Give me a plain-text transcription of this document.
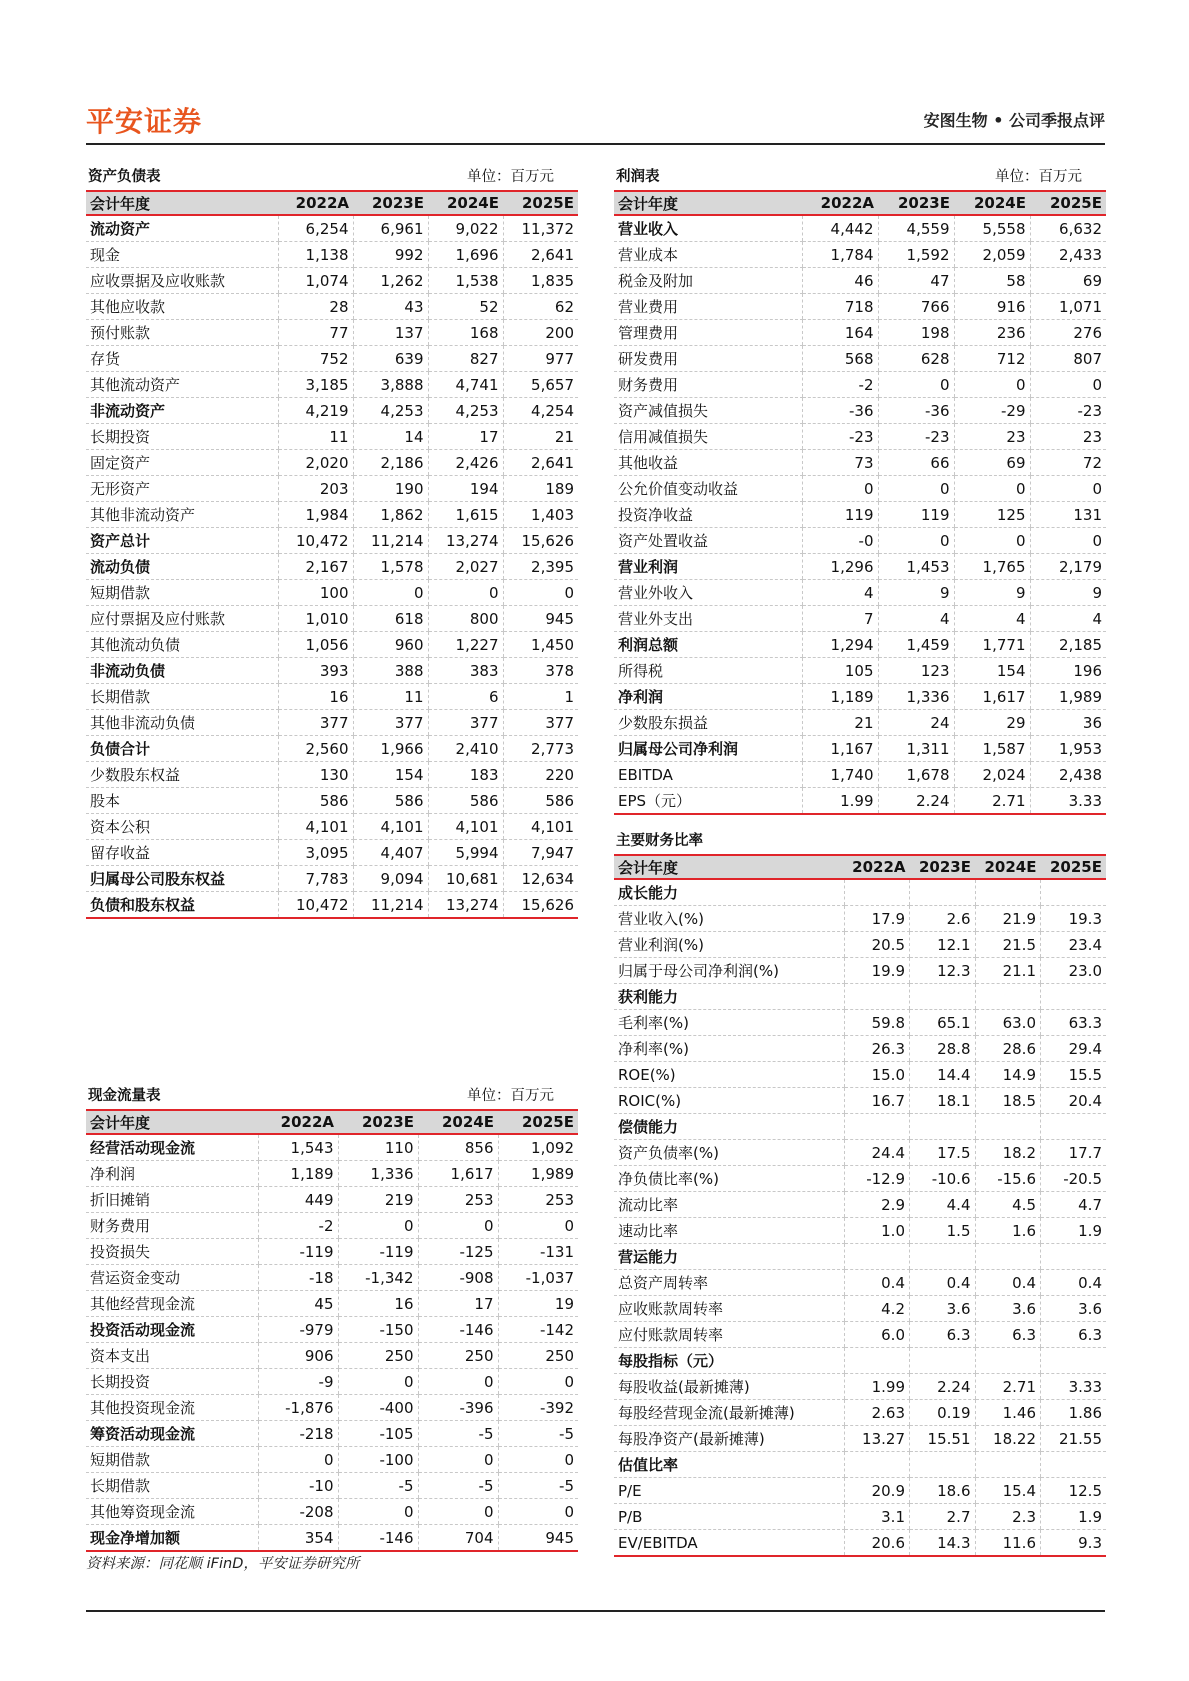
平安证券	安图生物 • 公司季报点评
资产负债表	单位：百万元
会计年度	2022A	2023E	2024E	2025E
流动资产	6,254	6,961	9,022	11,372
现金	1,138	992	1,696	2,641
应收票据及应收账款	1,074	1,262	1,538	1,835
其他应收款	28	43	52	62
预付账款	77	137	168	200
存货	752	639	827	977
其他流动资产	3,185	3,888	4,741	5,657
非流动资产	4,219	4,253	4,253	4,254
长期投资	11	14	17	21
固定资产	2,020	2,186	2,426	2,641
无形资产	203	190	194	189
其他非流动资产	1,984	1,862	1,615	1,403
资产总计	10,472	11,214	13,274	15,626
流动负债	2,167	1,578	2,027	2,395
短期借款	100	0	0	0
应付票据及应付账款	1,010	618	800	945
其他流动负债	1,056	960	1,227	1,450
非流动负债	393	388	383	378
长期借款	16	11	6	1
其他非流动负债	377	377	377	377
负债合计	2,560	1,966	2,410	2,773
少数股东权益	130	154	183	220
股本	586	586	586	586
资本公积	4,101	4,101	4,101	4,101
留存收益	3,095	4,407	5,994	7,947
归属母公司股东权益	7,783	9,094	10,681	12,634
负债和股东权益	10,472	11,214	13,274	15,626
利润表	单位：百万元
会计年度	2022A	2023E	2024E	2025E
营业收入	4,442	4,559	5,558	6,632
营业成本	1,784	1,592	2,059	2,433
税金及附加	46	47	58	69
营业费用	718	766	916	1,071
管理费用	164	198	236	276
研发费用	568	628	712	807
财务费用	-2	0	0	0
资产减值损失	-36	-36	-29	-23
信用减值损失	-23	-23	23	23
其他收益	73	66	69	72
公允价值变动收益	0	0	0	0
投资净收益	119	119	125	131
资产处置收益	-0	0	0	0
营业利润	1,296	1,453	1,765	2,179
营业外收入	4	9	9	9
营业外支出	7	4	4	4
利润总额	1,294	1,459	1,771	2,185
所得税	105	123	154	196
净利润	1,189	1,336	1,617	1,989
少数股东损益	21	24	29	36
归属母公司净利润	1,167	1,311	1,587	1,953
EBITDA	1,740	1,678	2,024	2,438
EPS（元）	1.99	2.24	2.71	3.33
主要财务比率
会计年度	2022A	2023E	2024E	2025E
成长能力				
营业收入(%)	17.9	2.6	21.9	19.3
营业利润(%)	20.5	12.1	21.5	23.4
归属于母公司净利润(%)	19.9	12.3	21.1	23.0
获利能力				
毛利率(%)	59.8	65.1	63.0	63.3
净利率(%)	26.3	28.8	28.6	29.4
ROE(%)	15.0	14.4	14.9	15.5
ROIC(%)	16.7	18.1	18.5	20.4
偿债能力				
资产负债率(%)	24.4	17.5	18.2	17.7
净负债比率(%)	-12.9	-10.6	-15.6	-20.5
流动比率	2.9	4.4	4.5	4.7
速动比率	1.0	1.5	1.6	1.9
营运能力				
总资产周转率	0.4	0.4	0.4	0.4
应收账款周转率	4.2	3.6	3.6	3.6
应付账款周转率	6.0	6.3	6.3	6.3
每股指标（元）				
每股收益(最新摊薄)	1.99	2.24	2.71	3.33
每股经营现金流(最新摊薄)	2.63	0.19	1.46	1.86
每股净资产(最新摊薄)	13.27	15.51	18.22	21.55
估值比率				
P/E	20.9	18.6	15.4	12.5
P/B	3.1	2.7	2.3	1.9
EV/EBITDA	20.6	14.3	11.6	9.3
现金流量表	单位：百万元
会计年度	2022A	2023E	2024E	2025E
经营活动现金流	1,543	110	856	1,092
净利润	1,189	1,336	1,617	1,989
折旧摊销	449	219	253	253
财务费用	-2	0	0	0
投资损失	-119	-119	-125	-131
营运资金变动	-18	-1,342	-908	-1,037
其他经营现金流	45	16	17	19
投资活动现金流	-979	-150	-146	-142
资本支出	906	250	250	250
长期投资	-9	0	0	0
其他投资现金流	-1,876	-400	-396	-392
筹资活动现金流	-218	-105	-5	-5
短期借款	0	-100	0	0
长期借款	-10	-5	-5	-5
其他筹资现金流	-208	0	0	0
现金净增加额	354	-146	704	945
资料来源：同花顺 iFinD，平安证券研究所
